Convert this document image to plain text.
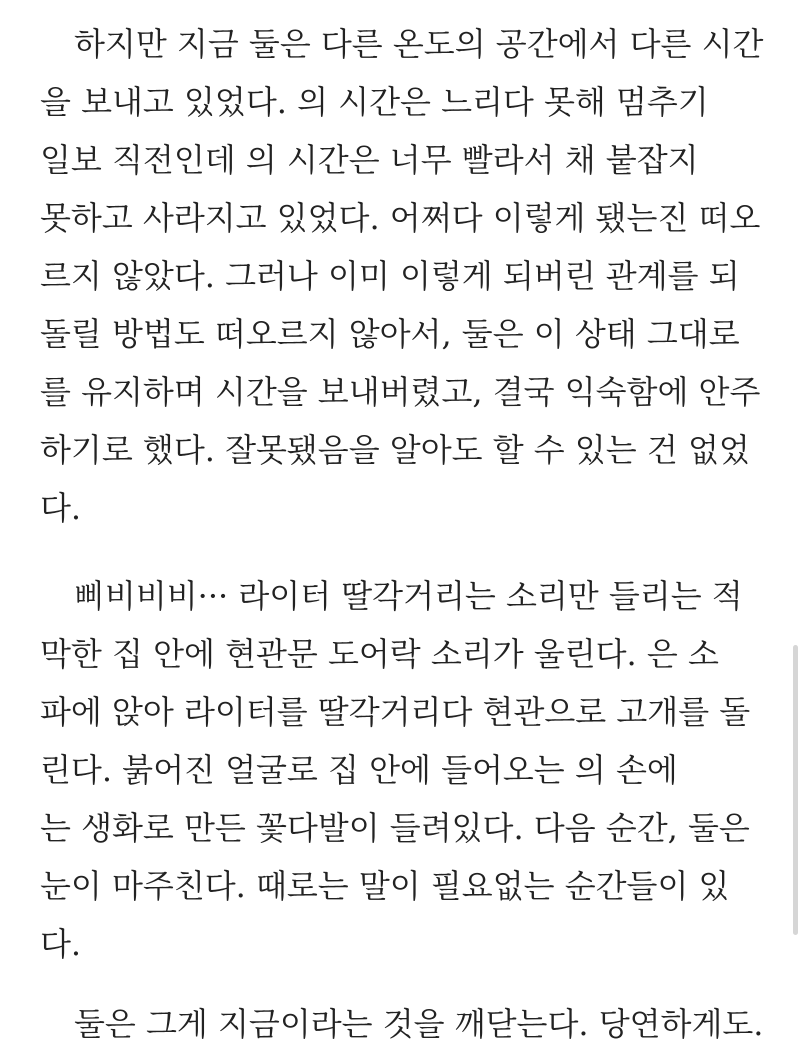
하지만 지금 둘은 다른 온도의 공간에서 다른 시간
을 보내고 있었다. 의 시간은 느리다 못해 멈추기
일보 직전인데 의 시간은 너무 빨라서 채 붙잡지
못하고 사라지고 있었다. 어쩌다 이렇게 됐는진 떠오
르지 않았다. 그러나 이미 이렇게 되버린 관계를 되
돌릴 방법도 떠오르지 않아서, 둘은 이 상태 그대로
를 유지하며 시간을 보내버렸고, 결국 익숙함에 안주
하기로 했다. 잘못됐음을 알아도 할 수 있는 건 없었
다.
삐비비비··· 라이터 딸각거리는 소리만 들리는 적
막한 집 안에 현관문 도어락 소리가 울린다. 은 소
파에 앉아 라이터를 딸각거리다 현관으로 고개를 돌
린다. 붉어진 얼굴로 집 안에 들어오는 의 손에
는 생화로 만든 꽃다발이 들려있다. 다음 순간, 둘은
눈이 마주친다. 때로는 말이 필요없는 순간들이 있
다.
둘은 그게 지금이라는 것을 깨닫는다. 당연하게도.
